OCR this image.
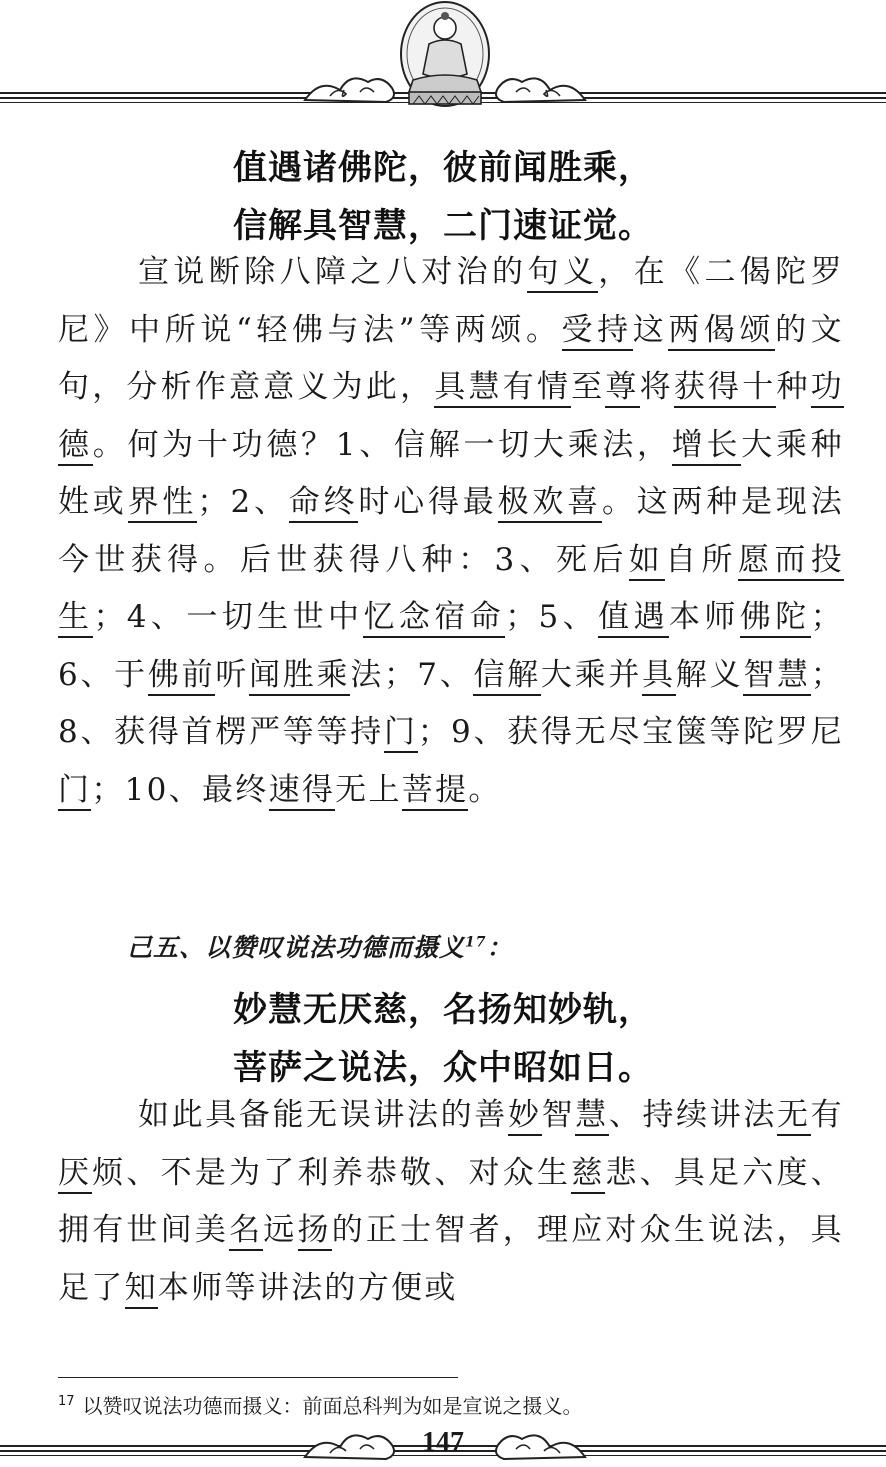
值遇诸佛陀，彼前闻胜乘，
信解具智慧，二门速证觉。

宣说断除八障之八对治的句义，在《二偈陀罗尼》中所说“轻佛与法”等两颂。受持这两偈颂的文句，分析作意意义为此，具慧有情至尊将获得十种功德。何为十功德？1、信解一切大乘法，增长大乘种姓或界性；2、命终时心得最极欢喜。这两种是现法今世获得。后世获得八种：3、死后如自所愿而投生；4、一切生世中忆念宿命；5、值遇本师佛陀；6、于佛前听闻胜乘法；7、信解大乘并具解义智慧；8、获得首楞严等等持门；9、获得无尽宝箧等陀罗尼门；10、最终速得无上菩提。

己五、以赞叹说法功德而摄义$^{17}$：
妙慧无厌慈，名扬知妙轨，
菩萨之说法，众中昭如日。

如此具备能无误讲法的善妙智慧、持续讲法无有厌烦、不是为了利养恭敬、对众生慈悲、具足六度、拥有世间美名远扬的正士智者，理应对众生说法，具足了知本师等讲法的方便或

$^{17}$ 以赞叹说法功德而摄义：前面总科判为如是宣说之摄义。
147
